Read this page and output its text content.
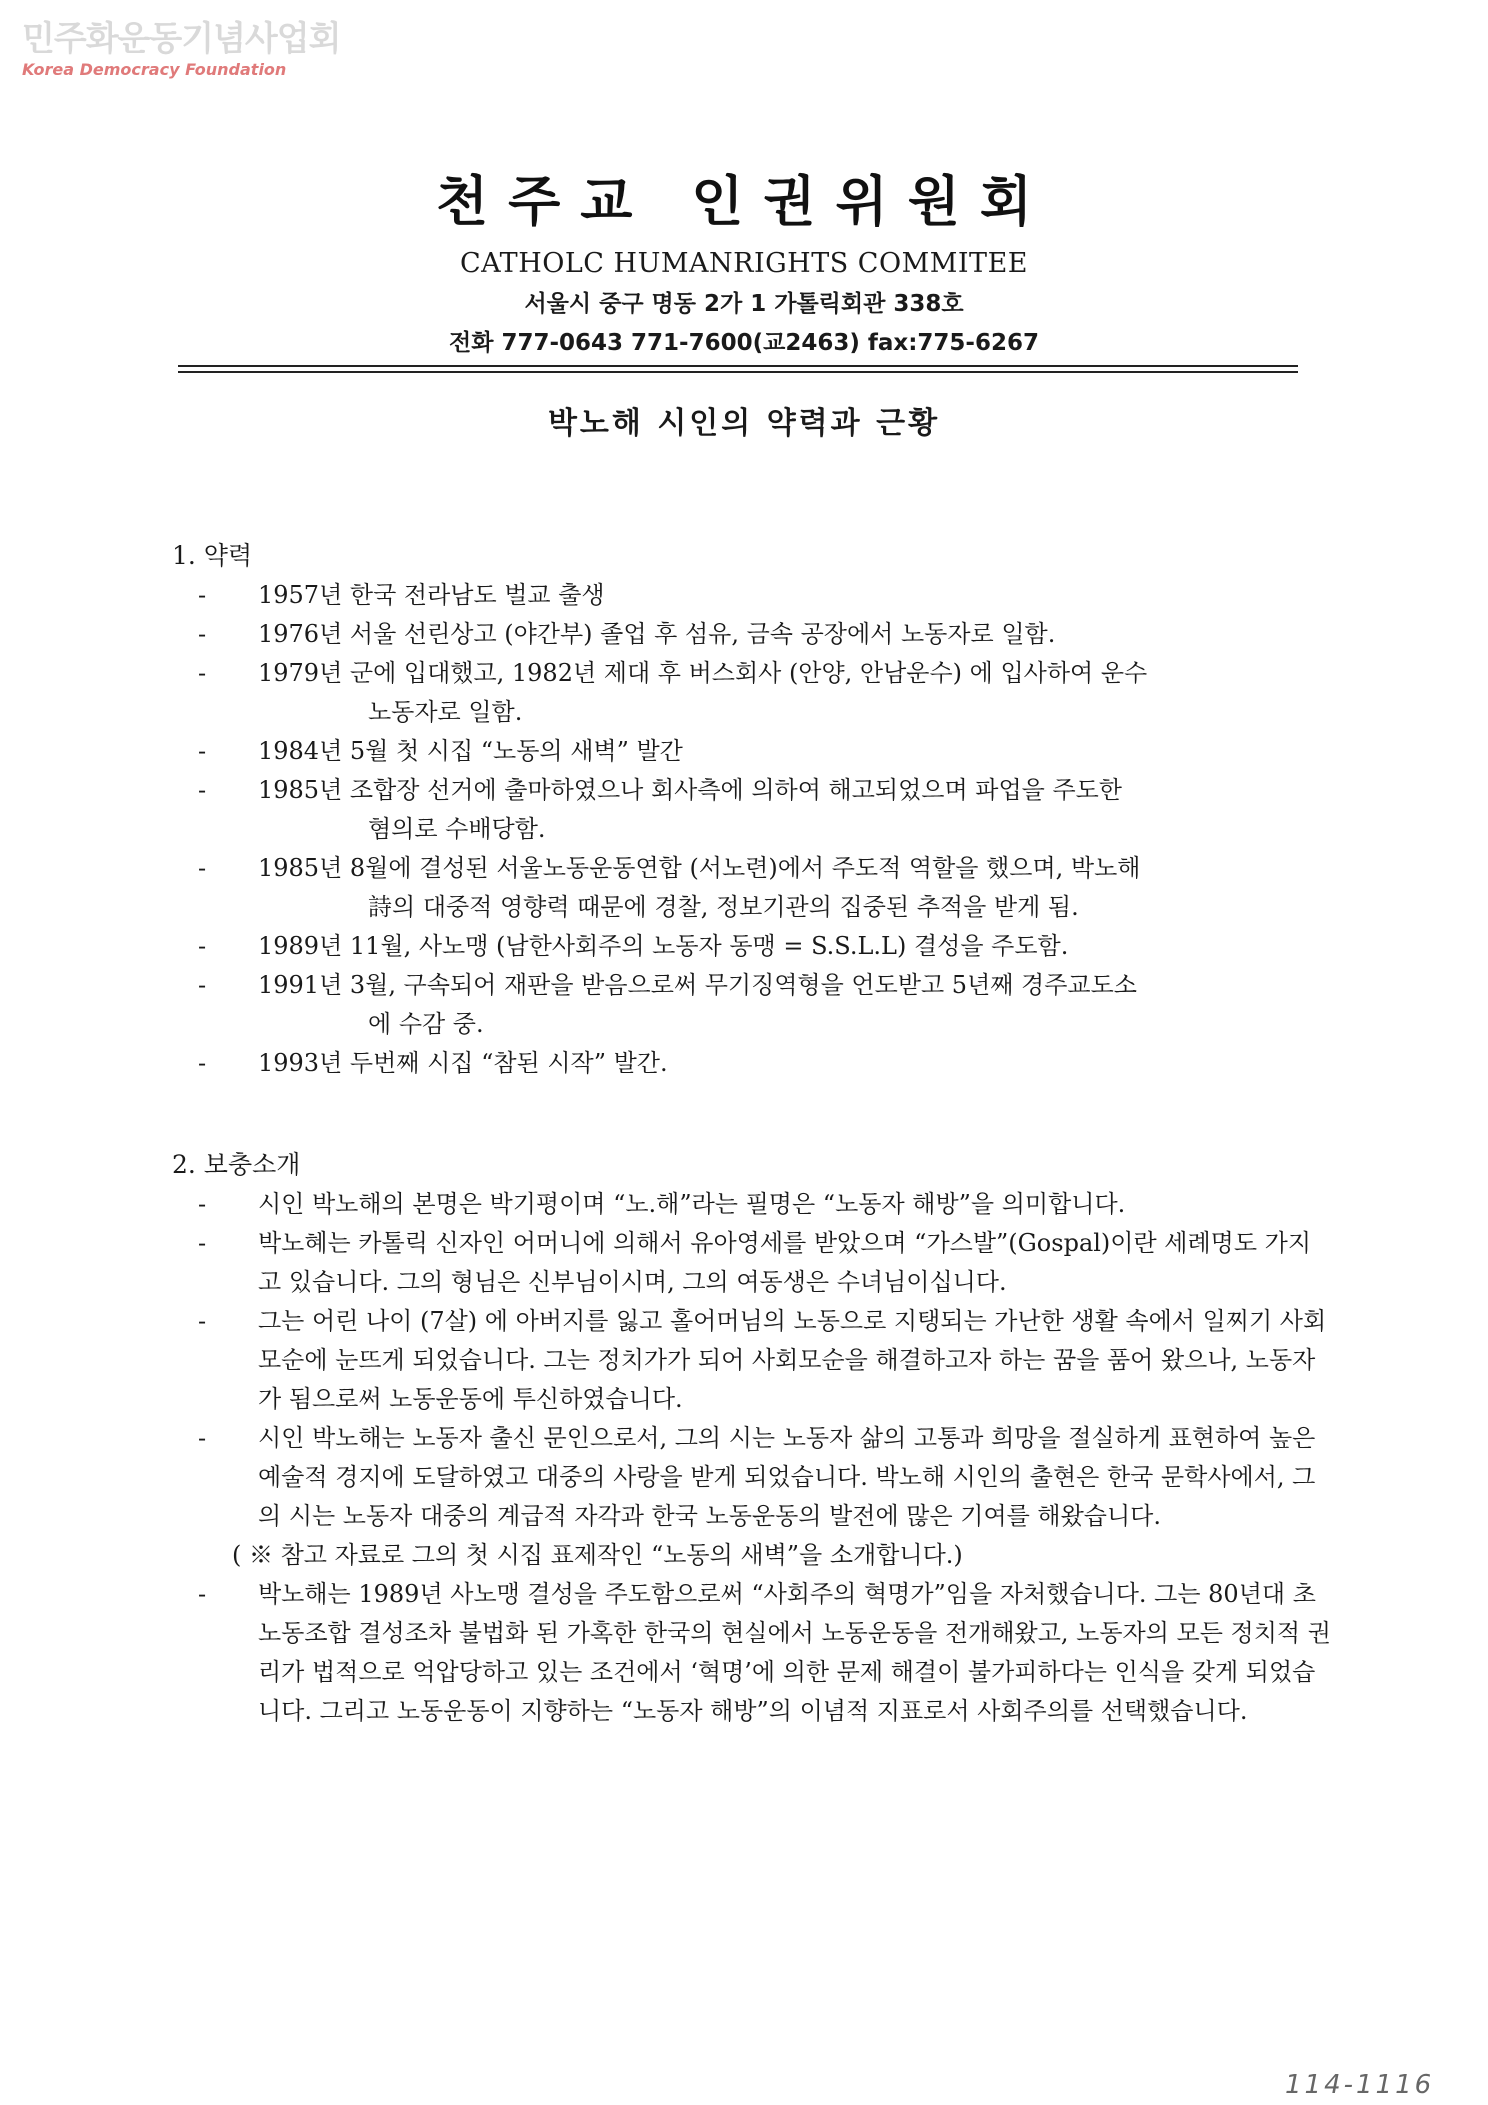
민주화운동기념사업회
Korea Democracy Foundation
천주교 인권위원회
CATHOLC HUMANRIGHTS COMMITEE
서울시 중구 명동 2가 1 가톨릭회관 338호
전화 777-0643 771-7600(교2463) fax:775-6267
박노해 시인의 약력과 근황
1. 약력
- 1957년 한국 전라남도 벌교 출생
- 1976년 서울 선린상고 (야간부) 졸업 후 섬유, 금속 공장에서 노동자로 일함.
- 1979년 군에 입대했고, 1982년 제대 후 버스회사 (안양, 안남운수) 에 입사하여 운수
노동자로 일함.
- 1984년 5월 첫 시집 “노동의 새벽” 발간
- 1985년 조합장 선거에 출마하였으나 회사측에 의하여 해고되었으며 파업을 주도한
혐의로 수배당함.
- 1985년 8월에 결성된 서울노동운동연합 (서노련)에서 주도적 역할을 했으며, 박노해
詩의 대중적 영향력 때문에 경찰, 정보기관의 집중된 추적을 받게 됨.
- 1989년 11월, 사노맹 (남한사회주의 노동자 동맹 = S.S.L.L) 결성을 주도함.
- 1991년 3월, 구속되어 재판을 받음으로써 무기징역형을 언도받고 5년째 경주교도소
에 수감 중.
- 1993년 두번째 시집 “참된 시작” 발간.
2. 보충소개
- 시인 박노해의 본명은 박기평이며 “노.해”라는 필명은 “노동자 해방”을 의미합니다.
- 박노혜는 카톨릭 신자인 어머니에 의해서 유아영세를 받았으며 “가스발”(Gospal)이란 세례명도 가지고 있습니다. 그의 형님은 신부님이시며, 그의 여동생은 수녀님이십니다.
- 그는 어린 나이 (7살) 에 아버지를 잃고 홀어머님의 노동으로 지탱되는 가난한 생활 속에서 일찌기 사회 모순에 눈뜨게 되었습니다. 그는 정치가가 되어 사회모순을 해결하고자 하는 꿈을 품어 왔으나, 노동자가 됨으로써 노동운동에 투신하였습니다.
- 시인 박노해는 노동자 출신 문인으로서, 그의 시는 노동자 삶의 고통과 희망을 절실하게 표현하여 높은 예술적 경지에 도달하였고 대중의 사랑을 받게 되었습니다. 박노해 시인의 출현은 한국 문학사에서, 그의 시는 노동자 대중의 계급적 자각과 한국 노동운동의 발전에 많은 기여를 해왔습니다.
( ※ 참고 자료로 그의 첫 시집 표제작인 “노동의 새벽”을 소개합니다.)
- 박노해는 1989년 사노맹 결성을 주도함으로써 “사회주의 혁명가”임을 자처했습니다. 그는 80년대 초 노동조합 결성조차 불법화 된 가혹한 한국의 현실에서 노동운동을 전개해왔고, 노동자의 모든 정치적 권리가 법적으로 억압당하고 있는 조건에서 ‘혁명’에 의한 문제 해결이 불가피하다는 인식을 갖게 되었습니다. 그리고 노동운동이 지향하는 “노동자 해방”의 이념적 지표로서 사회주의를 선택했습니다.
114-1116
